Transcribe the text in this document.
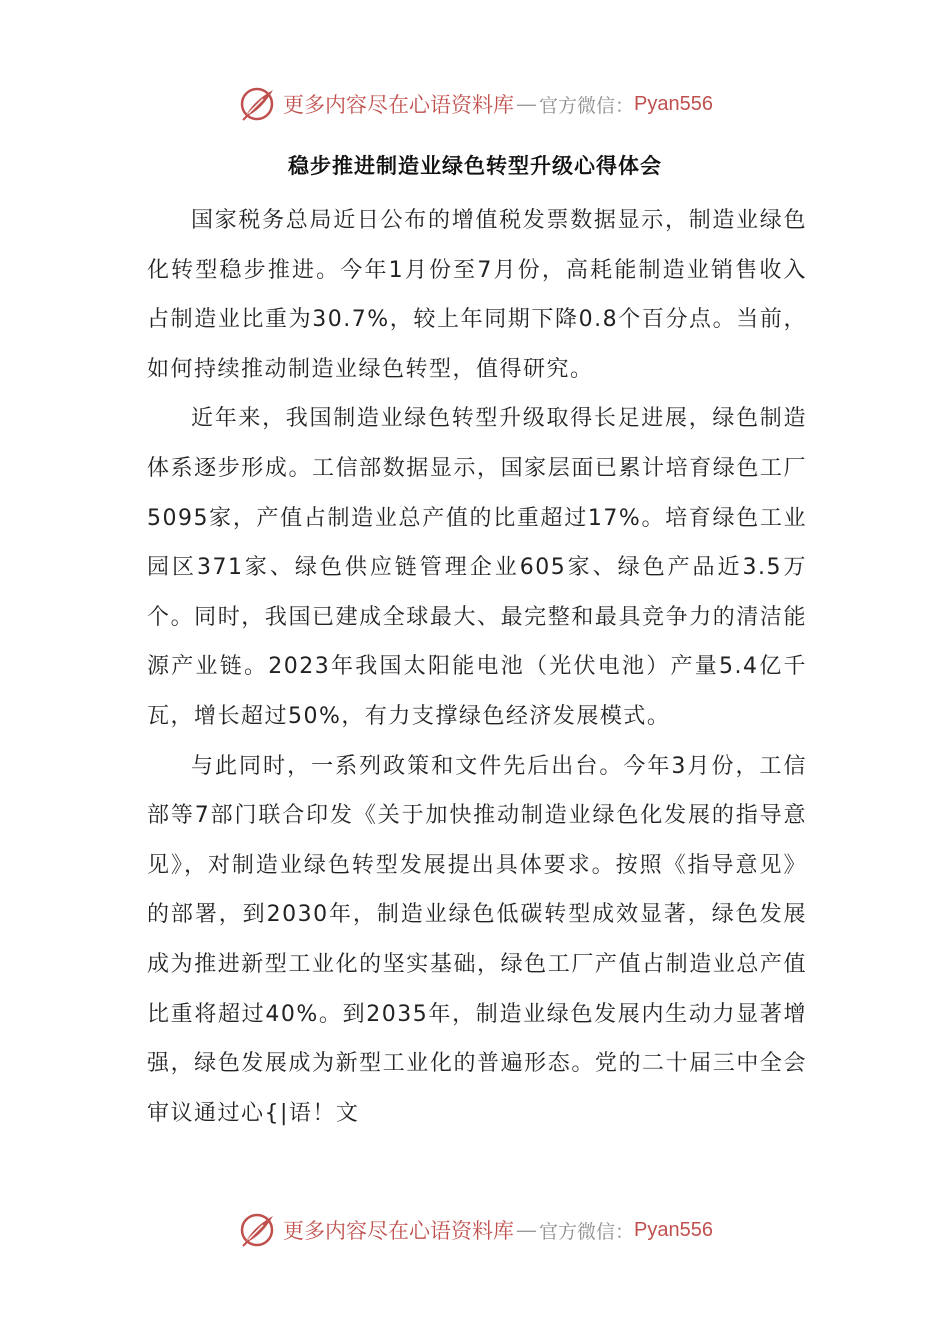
更多内容尽在心语资料库 — 官方微信： Pyan556
稳步推进制造业绿色转型升级心得体会

国家税务总局近日公布的增值税发票数据显示，制造业绿色化转型稳步推进。今年1月份至7月份，高耗能制造业销售收入占制造业比重为30.7%，较上年同期下降0.8个百分点。当前，如何持续推动制造业绿色转型，值得研究。

近年来，我国制造业绿色转型升级取得长足进展，绿色制造体系逐步形成。工信部数据显示，国家层面已累计培育绿色工厂5095家，产值占制造业总产值的比重超过17%。培育绿色工业园区371家、绿色供应链管理企业605家、绿色产品近3.5万个。同时，我国已建成全球最大、最完整和最具竞争力的清洁能源产业链。2023年我国太阳能电池（光伏电池）产量5.4亿千瓦，增长超过50%，有力支撑绿色经济发展模式。

与此同时，一系列政策和文件先后出台。今年3月份，工信部等7部门联合印发《关于加快推动制造业绿色化发展的指导意见》，对制造业绿色转型发展提出具体要求。按照《指导意见》的部署，到2030年，制造业绿色低碳转型成效显著，绿色发展成为推进新型工业化的坚实基础，绿色工厂产值占制造业总产值比重将超过40%。到2035年，制造业绿色发展内生动力显著增强，绿色发展成为新型工业化的普遍形态。党的二十届三中全会审议通过心{|语！文

更多内容尽在心语资料库 — 官方微信： Pyan556
